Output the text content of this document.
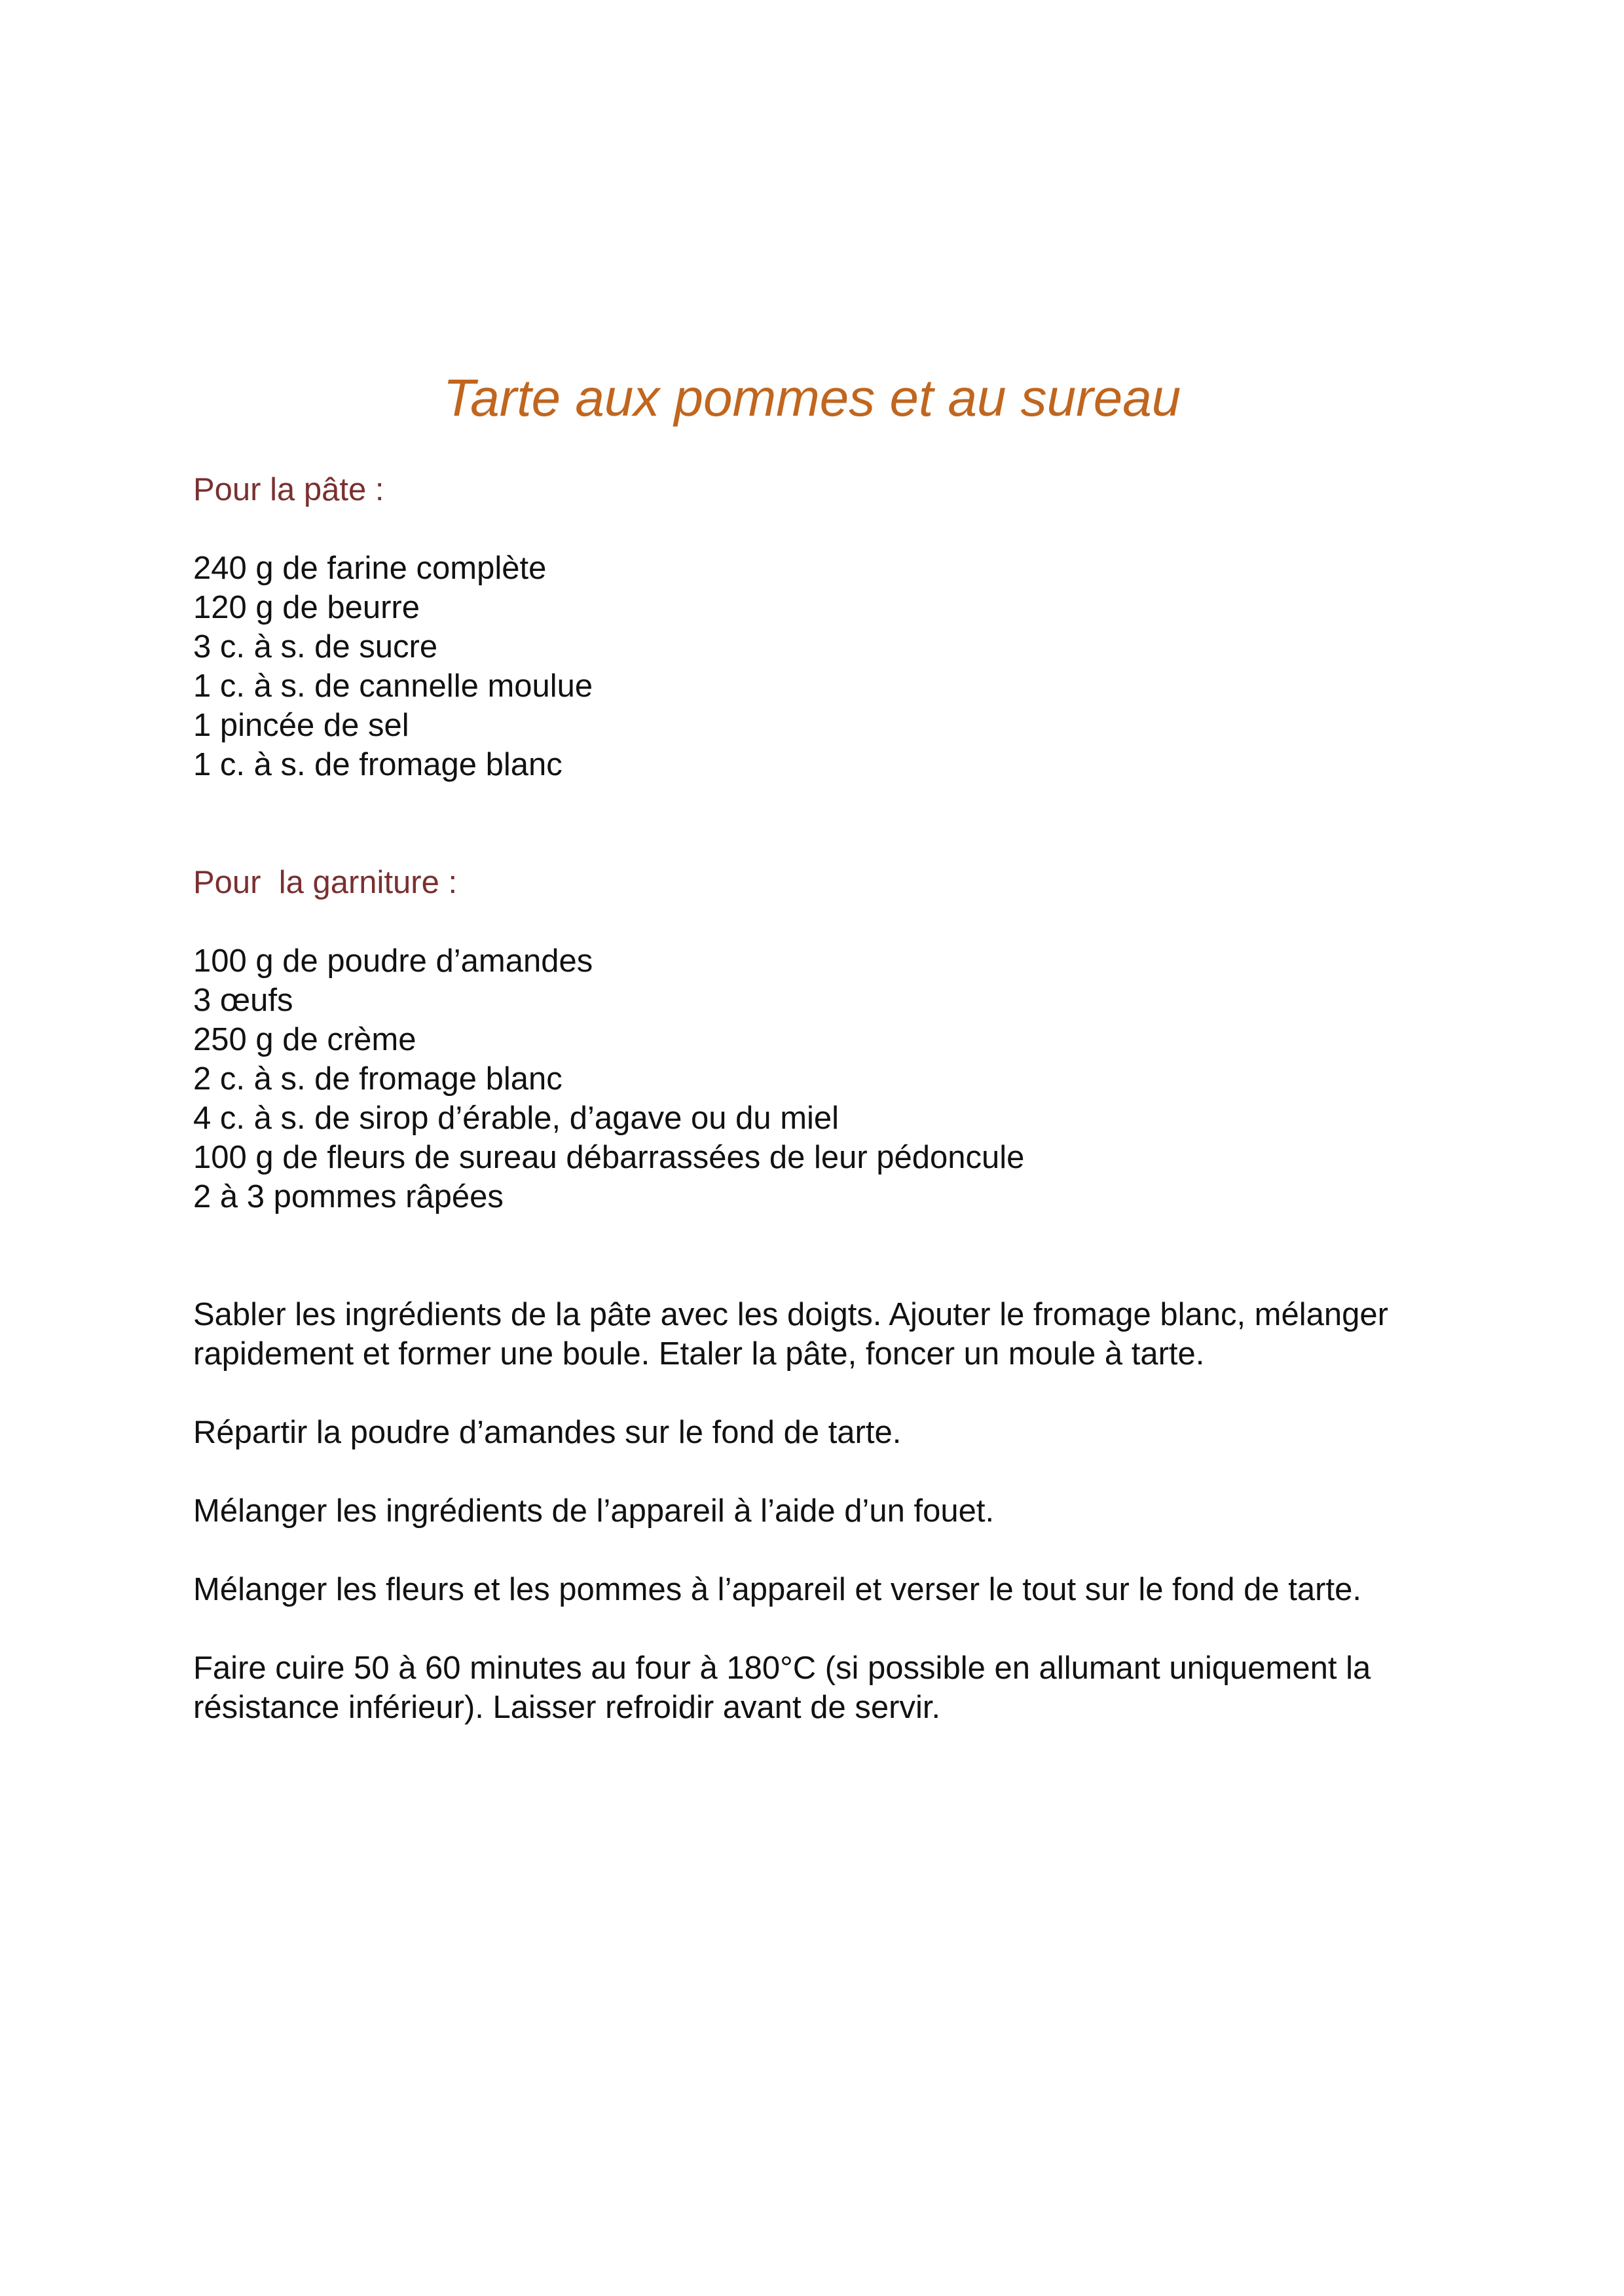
Tarte aux pommes et au sureau
Pour la pâte :
240 g de farine complète
120 g de beurre
3 c. à s. de sucre
1 c. à s. de cannelle moulue
1 pincée de sel
1 c. à s. de fromage blanc
Pour  la garniture :
100 g de poudre d’amandes
3 œufs
250 g de crème
2 c. à s. de fromage blanc
4 c. à s. de sirop d’érable, d’agave ou du miel
100 g de fleurs de sureau débarrassées de leur pédoncule
2 à 3 pommes râpées

Sabler les ingrédients de la pâte avec les doigts. Ajouter le fromage blanc, mélanger rapidement et former une boule. Etaler la pâte, foncer un moule à tarte.

Répartir la poudre d’amandes sur le fond de tarte.

Mélanger les ingrédients de l’appareil à l’aide d’un fouet.

Mélanger les fleurs et les pommes à l’appareil et verser le tout sur le fond de tarte.

Faire cuire 50 à 60 minutes au four à 180°C (si possible en allumant uniquement la résistance inférieur). Laisser refroidir avant de servir.
